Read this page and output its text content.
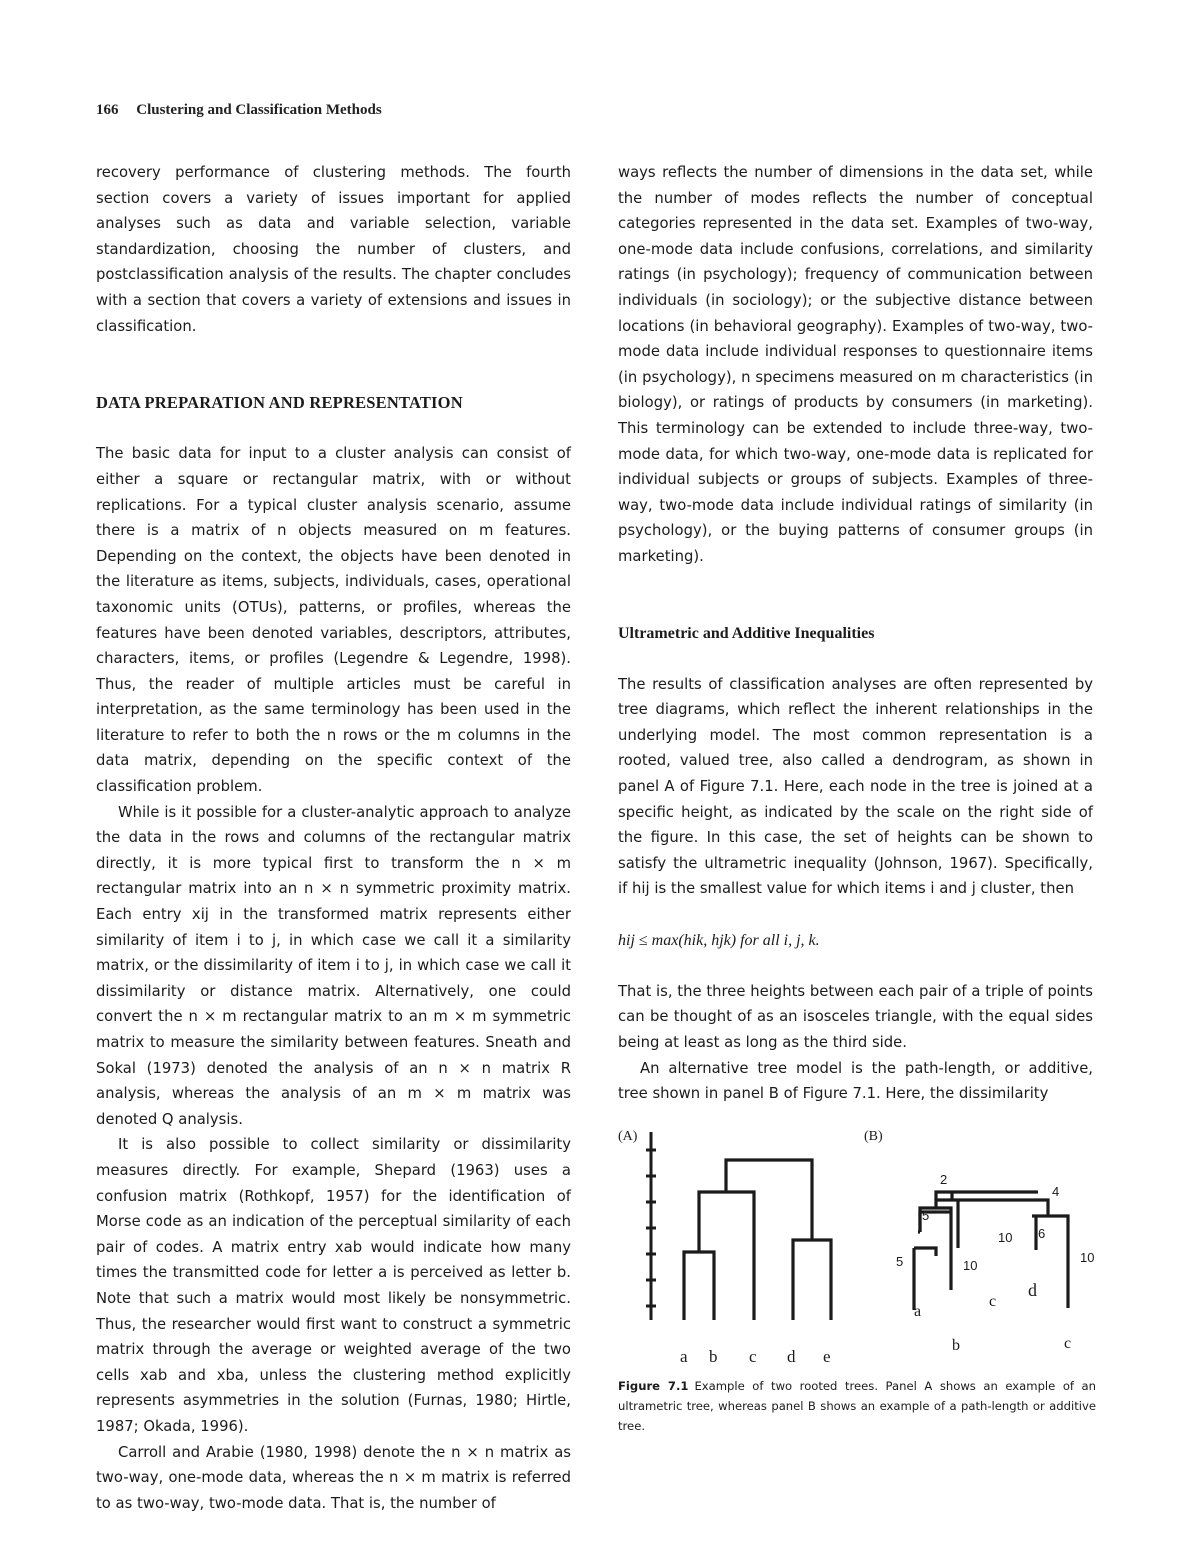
166 Clustering and Classification Methods

recovery performance of clustering methods. The fourth section covers a variety of issues important for applied analyses such as data and variable selection, variable standardization, choosing the number of clusters, and postclassification analysis of the results. The chapter concludes with a section that covers a variety of extensions and issues in classification.

DATA PREPARATION AND REPRESENTATION

The basic data for input to a cluster analysis can consist of either a square or rectangular matrix, with or without replications. For a typical cluster analysis scenario, assume there is a matrix of n objects measured on m features. Depending on the context, the objects have been denoted in the literature as items, subjects, individuals, cases, operational taxonomic units (OTUs), patterns, or profiles, whereas the features have been denoted variables, descriptors, attributes, characters, items, or profiles (Legendre & Legendre, 1998). Thus, the reader of multiple articles must be careful in interpretation, as the same terminology has been used in the literature to refer to both the n rows or the m columns in the data matrix, depending on the specific context of the classification problem.

While is it possible for a cluster-analytic approach to analyze the data in the rows and columns of the rectangular matrix directly, it is more typical first to transform the n × m rectangular matrix into an n × n symmetric proximity matrix. Each entry xij in the transformed matrix represents either similarity of item i to j, in which case we call it a similarity matrix, or the dissimilarity of item i to j, in which case we call it dissimilarity or distance matrix. Alternatively, one could convert the n × m rectangular matrix to an m × m symmetric matrix to measure the similarity between features. Sneath and Sokal (1973) denoted the analysis of an n × n matrix R analysis, whereas the analysis of an m × m matrix was denoted Q analysis.

It is also possible to collect similarity or dissimilarity measures directly. For example, Shepard (1963) uses a confusion matrix (Rothkopf, 1957) for the identification of Morse code as an indication of the perceptual similarity of each pair of codes. A matrix entry xab would indicate how many times the transmitted code for letter a is perceived as letter b. Note that such a matrix would most likely be nonsymmetric. Thus, the researcher would first want to construct a symmetric matrix through the average or weighted average of the two cells xab and xba, unless the clustering method explicitly represents asymmetries in the solution (Furnas, 1980; Hirtle, 1987; Okada, 1996).

Carroll and Arabie (1980, 1998) denote the n × n matrix as two-way, one-mode data, whereas the n × m matrix is referred to as two-way, two-mode data. That is, the number of

ways reflects the number of dimensions in the data set, while the number of modes reflects the number of conceptual categories represented in the data set. Examples of two-way, one-mode data include confusions, correlations, and similarity ratings (in psychology); frequency of communication between individuals (in sociology); or the subjective distance between locations (in behavioral geography). Examples of two-way, two-mode data include individual responses to questionnaire items (in psychology), n specimens measured on m characteristics (in biology), or ratings of products by consumers (in marketing). This terminology can be extended to include three-way, two-mode data, for which two-way, one-mode data is replicated for individual subjects or groups of subjects. Examples of three-way, two-mode data include individual ratings of similarity (in psychology), or the buying patterns of consumer groups (in marketing).

Ultrametric and Additive Inequalities

The results of classification analyses are often represented by tree diagrams, which reflect the inherent relationships in the underlying model. The most common representation is a rooted, valued tree, also called a dendrogram, as shown in panel A of Figure 7.1. Here, each node in the tree is joined at a specific height, as indicated by the scale on the right side of the figure. In this case, the set of heights can be shown to satisfy the ultrametric inequality (Johnson, 1967). Specifically, if hij is the smallest value for which items i and j cluster, then

hij ≤ max(hik, hjk) for all i, j, k.

That is, the three heights between each pair of a triple of points can be thought of as an isosceles triangle, with the equal sides being at least as long as the third side.

An alternative tree model is the path-length, or additive, tree shown in panel B of Figure 7.1. Here, the dissimilarity

(A)
a b c d e
(B)
2
4
5
6
10
5	10
10
a
b
c
c
d
Figure 7.1 Example of two rooted trees. Panel A shows an example of an ultrametric tree, whereas panel B shows an example of a path-length or additive tree.
